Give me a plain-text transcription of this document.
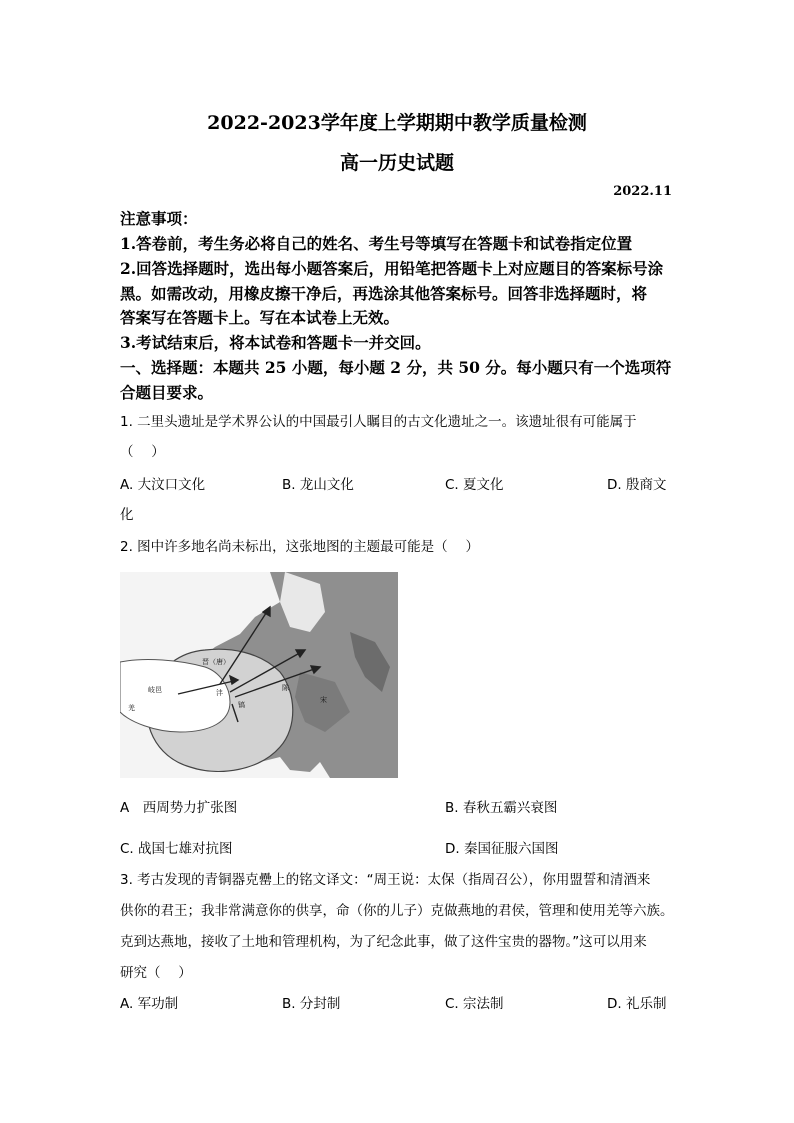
2022-2023学年度上学期期中教学质量检测
高一历史试题
2022.11
注意事项：
1.答卷前，考生务必将自己的姓名、考生号等填写在答题卡和试卷指定位置
2.回答选择题时，选出每小题答案后，用铅笔把答题卡上对应题目的答案标号涂
黑。如需改动，用橡皮擦干净后，再选涂其他答案标号。回答非选择题时，将
答案写在答题卡上。写在本试卷上无效。
3.考试结束后，将本试卷和答题卡一并交回。
一、选择题：本题共 25 小题，每小题 2 分，共 50 分。每小题只有一个选项符
合题目要求。
1. 二里头遗址是学术界公认的中国最引人瞩目的古文化遗址之一。该遗址很有可能属于
（　 ）
A. 大汶口文化	B. 龙山文化	C. 夏文化	D. 殷商文
化
2. 图中许多地名尚未标出，这张地图的主题最可能是（　 ）
晋（唐）
岐邑
羌
沣
镐
陈
宋
A　西周势力扩张图	B. 春秋五霸兴衰图
C. 战国七雄对抗图	D. 秦国征服六国图
3. 考古发现的青铜器克罍上的铭文译文：“周王说：太保（指周召公），你用盟誓和清酒来
供你的君王；我非常满意你的供享，命（你的儿子）克做燕地的君侯，管理和使用羌等六族。
克到达燕地，接收了土地和管理机构，为了纪念此事，做了这件宝贵的器物。”这可以用来
研究（　 ）
A. 军功制	B. 分封制	C. 宗法制	D. 礼乐制
